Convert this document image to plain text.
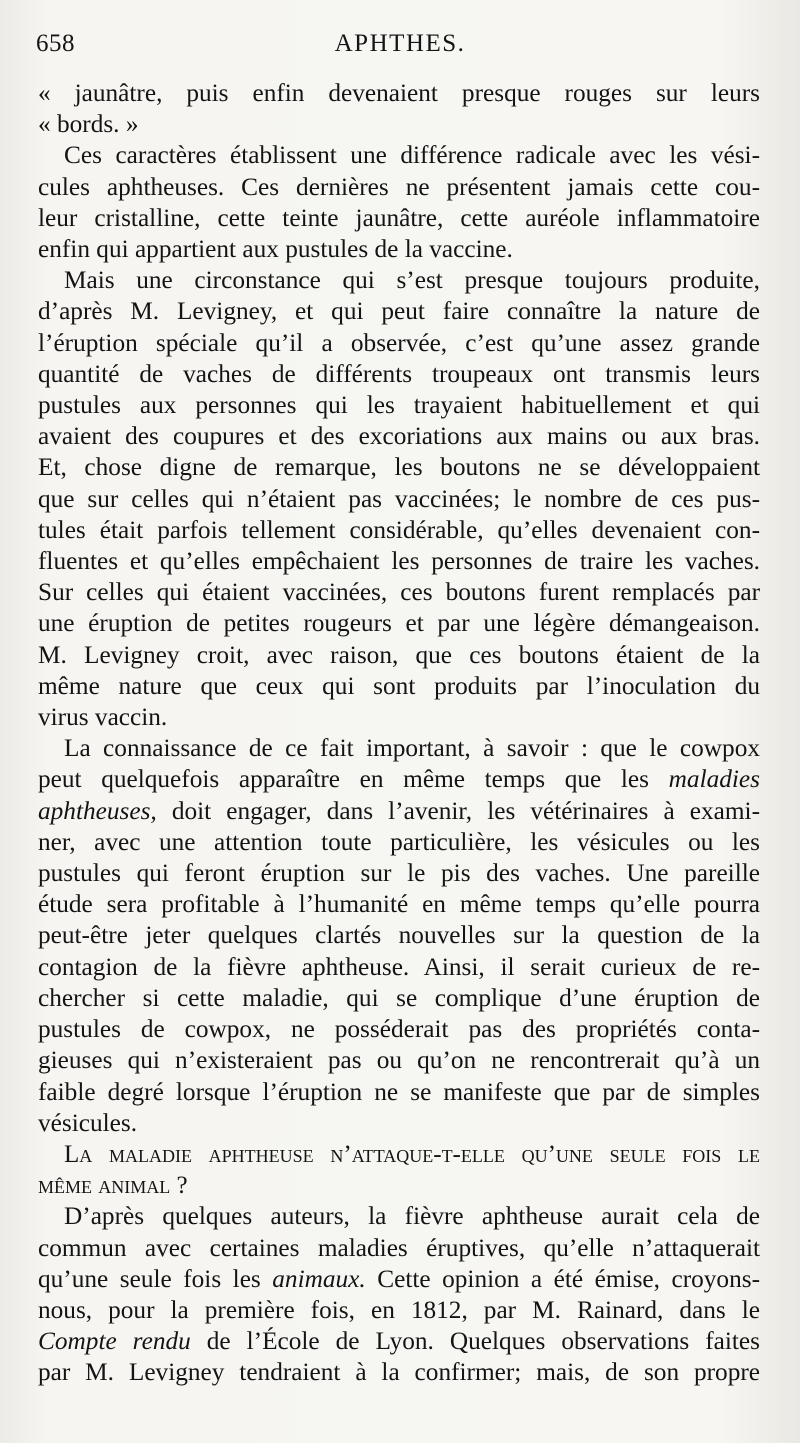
658	APHTHES.

« jaunâtre, puis enfin devenaient presque rouges sur leurs
« bords. »

Ces caractères établissent une différence radicale avec les vési-
cules aphtheuses. Ces dernières ne présentent jamais cette cou-
leur cristalline, cette teinte jaunâtre, cette auréole inflammatoire
enfin qui appartient aux pustules de la vaccine.

Mais une circonstance qui s’est presque toujours produite,
d’après M. Levigney, et qui peut faire connaître la nature de
l’éruption spéciale qu’il a observée, c’est qu’une assez grande
quantité de vaches de différents troupeaux ont transmis leurs
pustules aux personnes qui les trayaient habituellement et qui
avaient des coupures et des excoriations aux mains ou aux bras.
Et, chose digne de remarque, les boutons ne se développaient
que sur celles qui n’étaient pas vaccinées; le nombre de ces pus-
tules était parfois tellement considérable, qu’elles devenaient con-
fluentes et qu’elles empêchaient les personnes de traire les vaches.
Sur celles qui étaient vaccinées, ces boutons furent remplacés par
une éruption de petites rougeurs et par une légère démangeaison.
M. Levigney croit, avec raison, que ces boutons étaient de la
même nature que ceux qui sont produits par l’inoculation du
virus vaccin.

La connaissance de ce fait important, à savoir : que le cowpox
peut quelquefois apparaître en même temps que les maladies
aphtheuses, doit engager, dans l’avenir, les vétérinaires à exami-
ner, avec une attention toute particulière, les vésicules ou les
pustules qui feront éruption sur le pis des vaches. Une pareille
étude sera profitable à l’humanité en même temps qu’elle pourra
peut-être jeter quelques clartés nouvelles sur la question de la
contagion de la fièvre aphtheuse. Ainsi, il serait curieux de re-
chercher si cette maladie, qui se complique d’une éruption de
pustules de cowpox, ne posséderait pas des propriétés conta-
gieuses qui n’existeraient pas ou qu’on ne rencontrerait qu’à un
faible degré lorsque l’éruption ne se manifeste que par de simples
vésicules.

La maladie aphtheuse n’attaque-t-elle qu’une seule fois le
même animal ?

D’après quelques auteurs, la fièvre aphtheuse aurait cela de
commun avec certaines maladies éruptives, qu’elle n’attaquerait
qu’une seule fois les animaux. Cette opinion a été émise, croyons-
nous, pour la première fois, en 1812, par M. Rainard, dans le
Compte rendu de l’École de Lyon. Quelques observations faites
par M. Levigney tendraient à la confirmer; mais, de son propre
